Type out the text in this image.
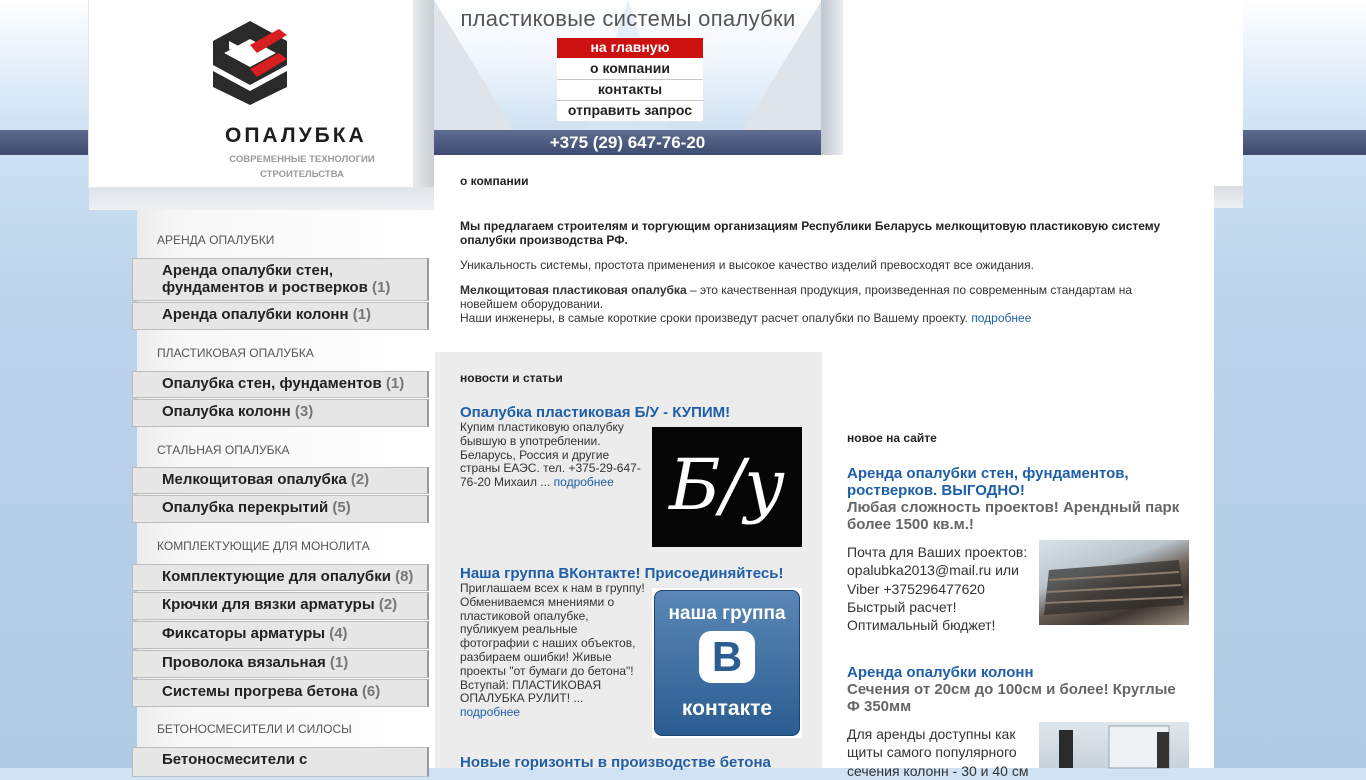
ОПАЛУБКА
СОВРЕМЕННЫЕ ТЕХНОЛОГИИ
СТРОИТЕЛЬСТВА
пластиковые системы опалубки
на главную
о компании
контакты
отправить запрос
+375 (29) 647-76-20
АРЕНДА ОПАЛУБКИ
Аренда опалубки стен, фундаментов и ростверков (1)
Аренда опалубки колонн (1)
ПЛАСТИКОВАЯ ОПАЛУБКА
Опалубка стен, фундаментов (1)
Опалубка колонн (3)
СТАЛЬНАЯ ОПАЛУБКА
Мелкощитовая опалубка (2)
Опалубка перекрытий (5)
КОМПЛЕКТУЮЩИЕ ДЛЯ МОНОЛИТА
Комплектующие для опалубки (8)
Крючки для вязки арматуры (2)
Фиксаторы арматуры (4)
Проволока вязальная (1)
Системы прогрева бетона (6)
БЕТОНОСМЕСИТЕЛИ И СИЛОСЫ
Бетоносмесители с
о компании

Мы предлагаем строителям и торгующим организациям Республики Беларусь мелкощитовую пластиковую систему опалубки производства РФ.

Уникальность системы, простота применения и высокое качество изделий превосходят все ожидания.

Мелкощитовая пластиковая опалубка – это качественная продукция, произведенная по современным стандартам на новейшем оборудовании.

Наши инженеры, в самые короткие сроки произведут расчет опалубки по Вашему проекту. подробнее

новости и статьи
Опалубка пластиковая Б/У - КУПИМ!
Купим пластиковую опалубку бывшую в употреблении. Беларусь, Россия и другие страны ЕАЭС. тел. +375-29-647-76-20 Михаил ... подробнее Б/у
Наша группа ВКонтакте! Присоединяйтесь!
Приглашаем всех к нам в группу! Обмениваемся мнениями о пластиковой опалубке, публикуем реальные фотографии с наших объектов, разбираем ошибки! Живые проекты "от бумаги до бетона"! Вступай: ПЛАСТИКОВАЯ ОПАЛУБКА РУЛИТ! ... подробнее
наша группа
В
контакте
Новые горизонты в производстве бетона
новое на сайте
Аренда опалубки стен, фундаментов, ростверков. ВЫГОДНО!
Любая сложность проектов! Арендный парк более 1500 кв.м.!
Почта для Ваших проектов: opalubka2013@mail.ru или Viber +375296477620 Быстрый расчет! Оптимальный бюджет!
Аренда опалубки колонн
Сечения от 20см до 100см и более! Круглые Ф 350мм
Для аренды доступны как щиты самого популярного сечения колонн - 30 и 40 см
